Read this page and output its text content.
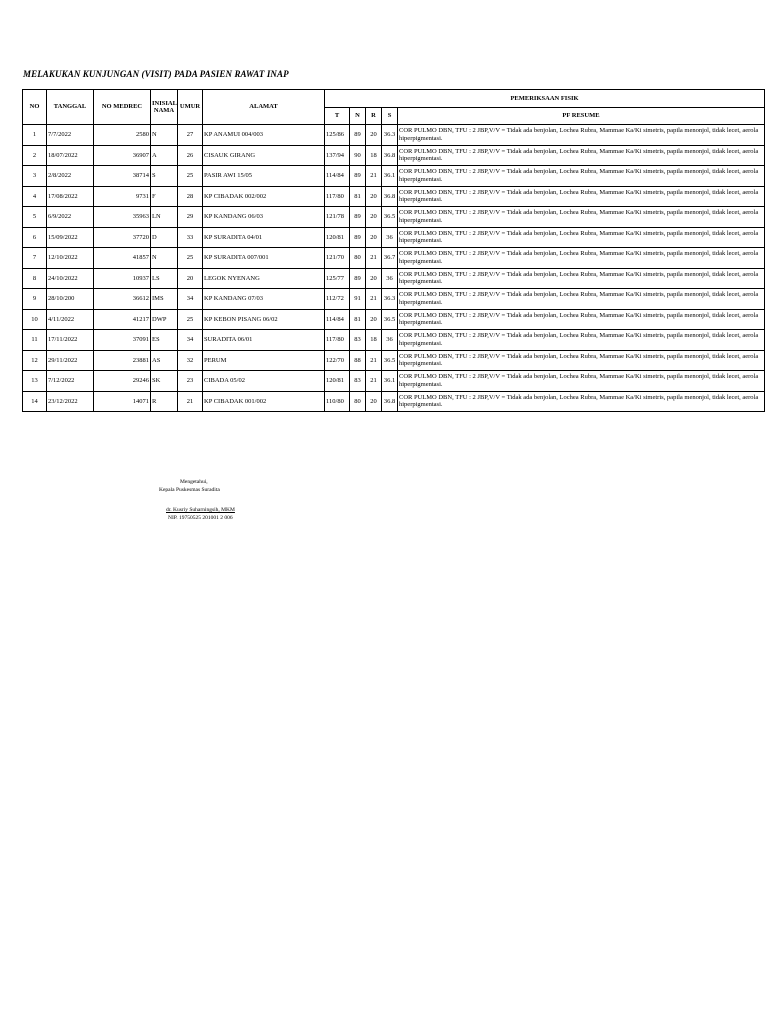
MELAKUKAN KUNJUNGAN (VISIT) PADA PASIEN RAWAT INAP
NO	TANGGAL	NO MEDREC	INISIAL NAMA	UMUR	ALAMAT	PEMERIKSAAN FISIK				
						T	N	R	S	PF RESUME
1	7/7/2022	2580	N	27	KP ANAMUI 004/003	125/86	89	20	36.3	COR PULMO DBN, TFU : 2 JBP,V/V = Tidak ada benjolan, Lochea Rubra, Mammae Ka/Ki simetris, papila menonjol, tidak lecet, aerola hiperpigmentasi.
2	18/07/2022	36907	A	26	CISAUK GIRANG	137/94	90	18	36.8	COR PULMO DBN, TFU : 2 JBP,V/V = Tidak ada benjolan, Lochea Rubra, Mammae Ka/Ki simetris, papila menonjol, tidak lecet, aerola hiperpigmentasi.
3	2/8/2022	38714	S	25	PASIR AWI 15/05	114/84	89	21	36.1	COR PULMO DBN, TFU : 2 JBP,V/V = Tidak ada benjolan, Lochea Rubra, Mammae Ka/Ki simetris, papila menonjol, tidak lecet, aerola hiperpigmentasi.
4	17/08/2022	9731	F	28	KP CIBADAK 002/002	117/80	81	20	36.8	COR PULMO DBN, TFU : 2 JBP,V/V = Tidak ada benjolan, Lochea Rubra, Mammae Ka/Ki simetris, papila menonjol, tidak lecet, aerola hiperpigmentasi.
5	6/9/2022	35963	LN	29	KP KANDANG 06/03	121/78	89	20	36.5	COR PULMO DBN, TFU : 2 JBP,V/V = Tidak ada benjolan, Lochea Rubra, Mammae Ka/Ki simetris, papila menonjol, tidak lecet, aerola hiperpigmentasi.
6	15/09/2022	37720	D	33	KP SURADITA 04/01	120/81	89	20	36	COR PULMO DBN, TFU : 2 JBP,V/V = Tidak ada benjolan, Lochea Rubra, Mammae Ka/Ki simetris, papila menonjol, tidak lecet, aerola hiperpigmentasi.
7	12/10/2022	41857	N	25	KP SURADITA 007/001	121/70	80	21	36.7	COR PULMO DBN, TFU : 2 JBP,V/V = Tidak ada benjolan, Lochea Rubra, Mammae Ka/Ki simetris, papila menonjol, tidak lecet, aerola hiperpigmentasi.
8	24/10/2022	10937	LS	20	LEGOK NYENANG	125/77	89	20	36	COR PULMO DBN, TFU : 2 JBP,V/V = Tidak ada benjolan, Lochea Rubra, Mammae Ka/Ki simetris, papila menonjol, tidak lecet, aerola hiperpigmentasi.
9	28/10/200	36612	IMS	34	KP KANDANG 07/03	112/72	91	21	36.3	COR PULMO DBN, TFU : 2 JBP,V/V = Tidak ada benjolan, Lochea Rubra, Mammae Ka/Ki simetris, papila menonjol, tidak lecet, aerola hiperpigmentasi.
10	4/11/2022	41217	DWP	25	KP KEBON PISANG 06/02	114/84	81	20	36.5	COR PULMO DBN, TFU : 2 JBP,V/V = Tidak ada benjolan, Lochea Rubra, Mammae Ka/Ki simetris, papila menonjol, tidak lecet, aerola hiperpigmentasi.
11	17/11/2022	37091	ES	34	SURADITA 06/01	117/80	83	18	36	COR PULMO DBN, TFU : 2 JBP,V/V = Tidak ada benjolan, Lochea Rubra, Mammae Ka/Ki simetris, papila menonjol, tidak lecet, aerola hiperpigmentasi.
12	29/11/2022	23881	AS	32	PERUM	122/70	88	21	36.5	COR PULMO DBN, TFU : 2 JBP,V/V = Tidak ada benjolan, Lochea Rubra, Mammae Ka/Ki simetris, papila menonjol, tidak lecet, aerola hiperpigmentasi.
13	7/12/2022	29246	SK	23	CIBADA 05/02	120/81	83	21	36.1	COR PULMO DBN, TFU : 2 JBP,V/V = Tidak ada benjolan, Lochea Rubra, Mammae Ka/Ki simetris, papila menonjol, tidak lecet, aerola hiperpigmentasi.
14	23/12/2022	14071	R	21	KP CIBADAK 001/002	110/80	80	20	36.8	COR PULMO DBN, TFU : 2 JBP,V/V = Tidak ada benjolan, Lochea Rubra, Mammae Ka/Ki simetris, papila menonjol, tidak lecet, aerola hiperpigmentasi.
Mengetahui,
Kepala Puskesmas Suradita
dr. Kusriy Suharningsih, MKM
NIP. 19750525 201001 2 006
